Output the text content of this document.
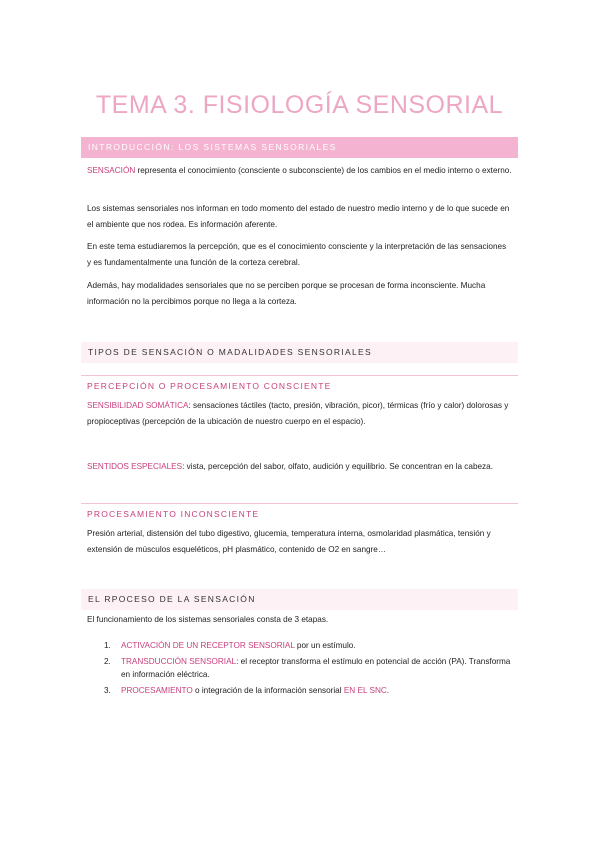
TEMA 3. FISIOLOGÍA SENSORIAL
INTRODUCCIÓN: LOS SISTEMAS SENSORIALES
SENSACIÓN representa el conocimiento (consciente o subconsciente) de los cambios en el medio interno o externo.
Los sistemas sensoriales nos informan en todo momento del estado de nuestro medio interno y de lo que sucede en el ambiente que nos rodea. Es información aferente.
En este tema estudiaremos la percepción, que es el conocimiento consciente y la interpretación de las sensaciones y es fundamentalmente una función de la corteza cerebral.
Además, hay modalidades sensoriales que no se perciben porque se procesan de forma inconsciente. Mucha información no la percibimos porque no llega a la corteza.
TIPOS DE SENSACIÓN O MADALIDADES SENSORIALES
PERCEPCIÓN O PROCESAMIENTO CONSCIENTE
SENSIBILIDAD SOMÁTICA: sensaciones táctiles (tacto, presión, vibración, picor), térmicas (frío y calor) dolorosas y propioceptivas (percepción de la ubicación de nuestro cuerpo en el espacio).
SENTIDOS ESPECIALES: vista, percepción del sabor, olfato, audición y equilibrio. Se concentran en la cabeza.
PROCESAMIENTO INCONSCIENTE
Presión arterial, distensión del tubo digestivo, glucemia, temperatura interna, osmolaridad plasmática, tensión y extensión de músculos esqueléticos, pH plasmático, contenido de O2 en sangre…
EL RPOCESO DE LA SENSACIÓN
El funcionamiento de los sistemas sensoriales consta de 3 etapas.
1. ACTIVACIÓN DE UN RECEPTOR SENSORIAL por un estímulo.
2. TRANSDUCCIÓN SENSORIAL: el receptor transforma el estímulo en potencial de acción (PA). Transforma en información eléctrica.
3. PROCESAMIENTO o integración de la información sensorial EN EL SNC.
